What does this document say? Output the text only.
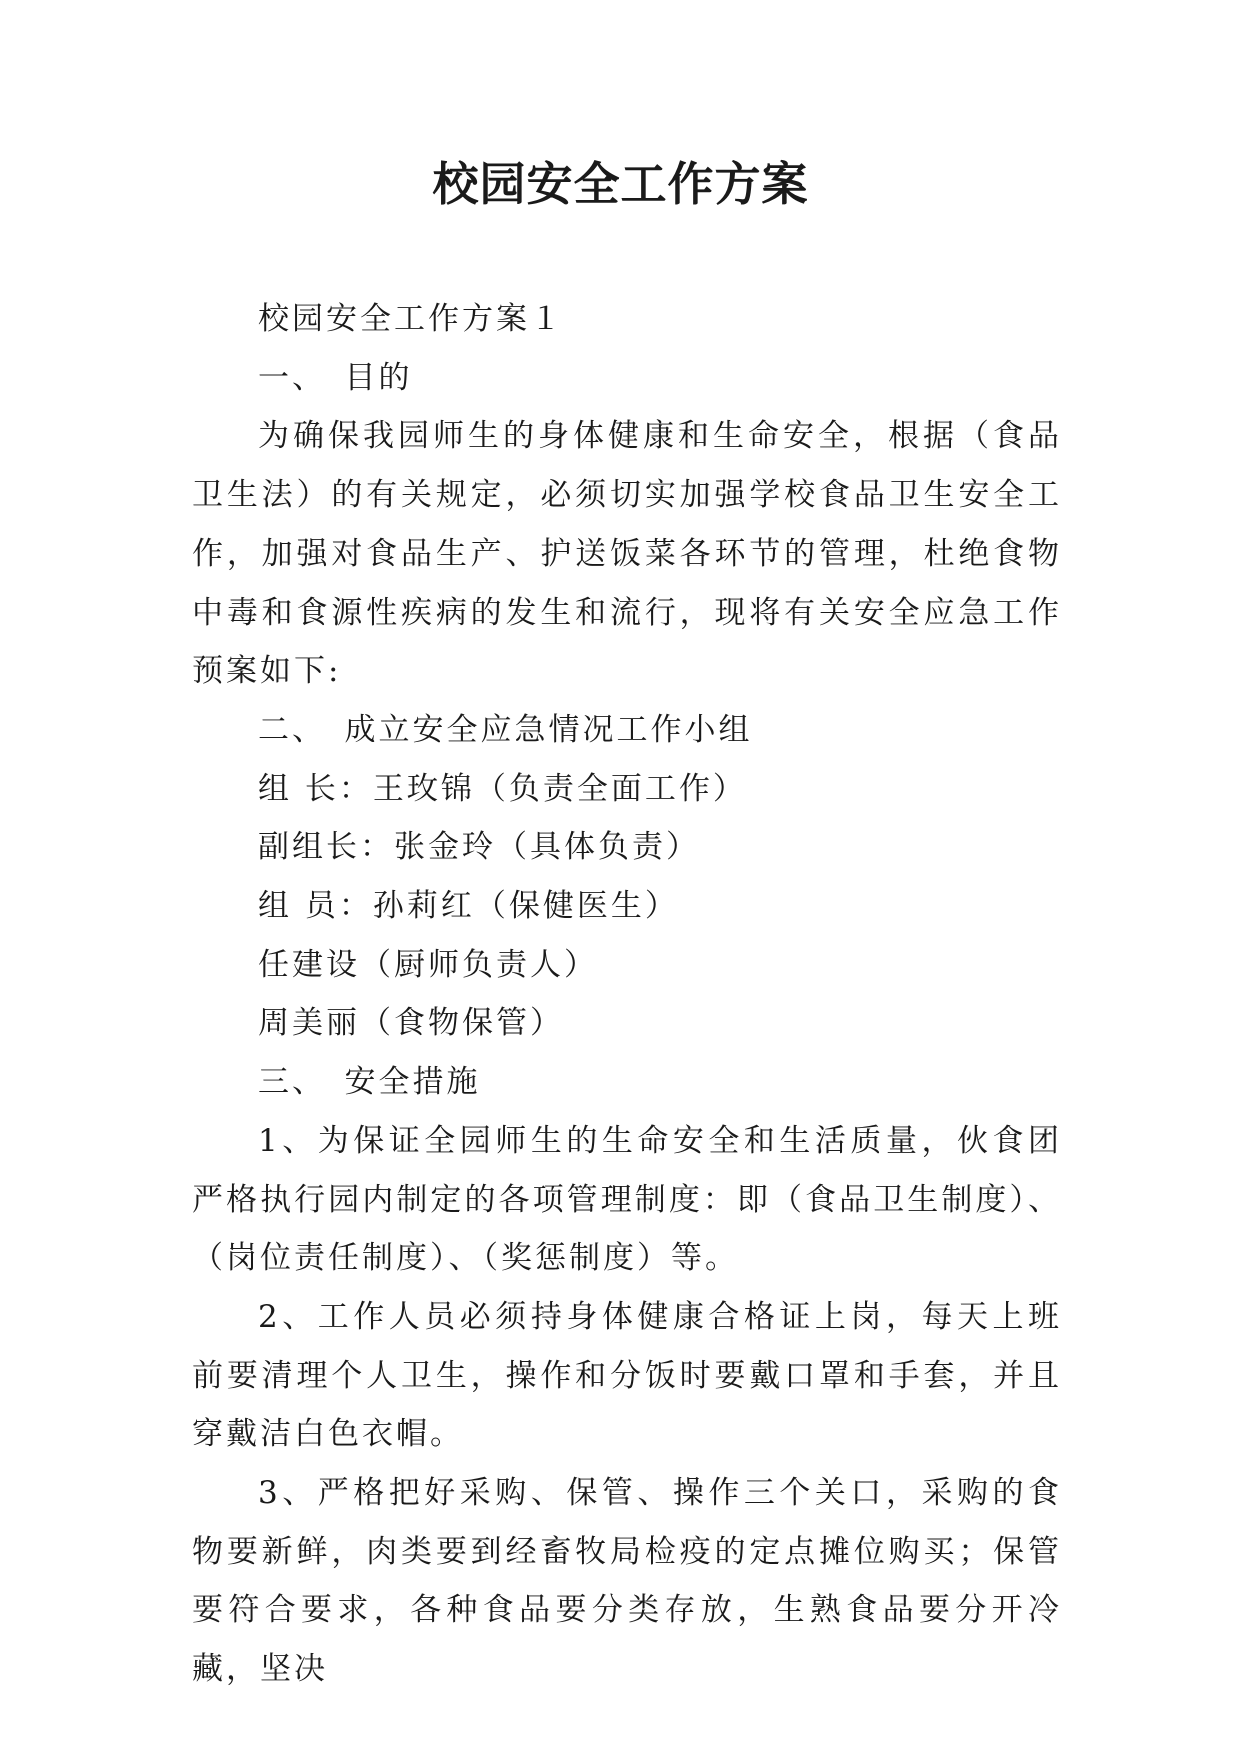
校园安全工作方案

校园安全工作方案１

一、　目的

为确保我园师生的身体健康和生命安全，根据（食品卫生法）的有关规定，必须切实加强学校食品卫生安全工作，加强对食品生产、护送饭菜各环节的管理，杜绝食物中毒和食源性疾病的发生和流行，现将有关安全应急工作预案如下:

二、　成立安全应急情况工作小组

组 长：王玫锦（负责全面工作）

副组长：张金玲（具体负责）

组 员：孙莉红（保健医生）

任建设（厨师负责人）

周美丽（食物保管）

三、　安全措施

1、为保证全园师生的生命安全和生活质量，伙食团严格执行园内制定的各项管理制度：即（食品卫生制度）、（岗位责任制度）、（奖惩制度）等。

2、工作人员必须持身体健康合格证上岗，每天上班前要清理个人卫生，操作和分饭时要戴口罩和手套，并且穿戴洁白色衣帽。

3、严格把好采购、保管、操作三个关口，采购的食物要新鲜，肉类要到经畜牧局检疫的定点摊位购买；保管要符合要求，各种食品要分类存放，生熟食品要分开冷藏，坚决
